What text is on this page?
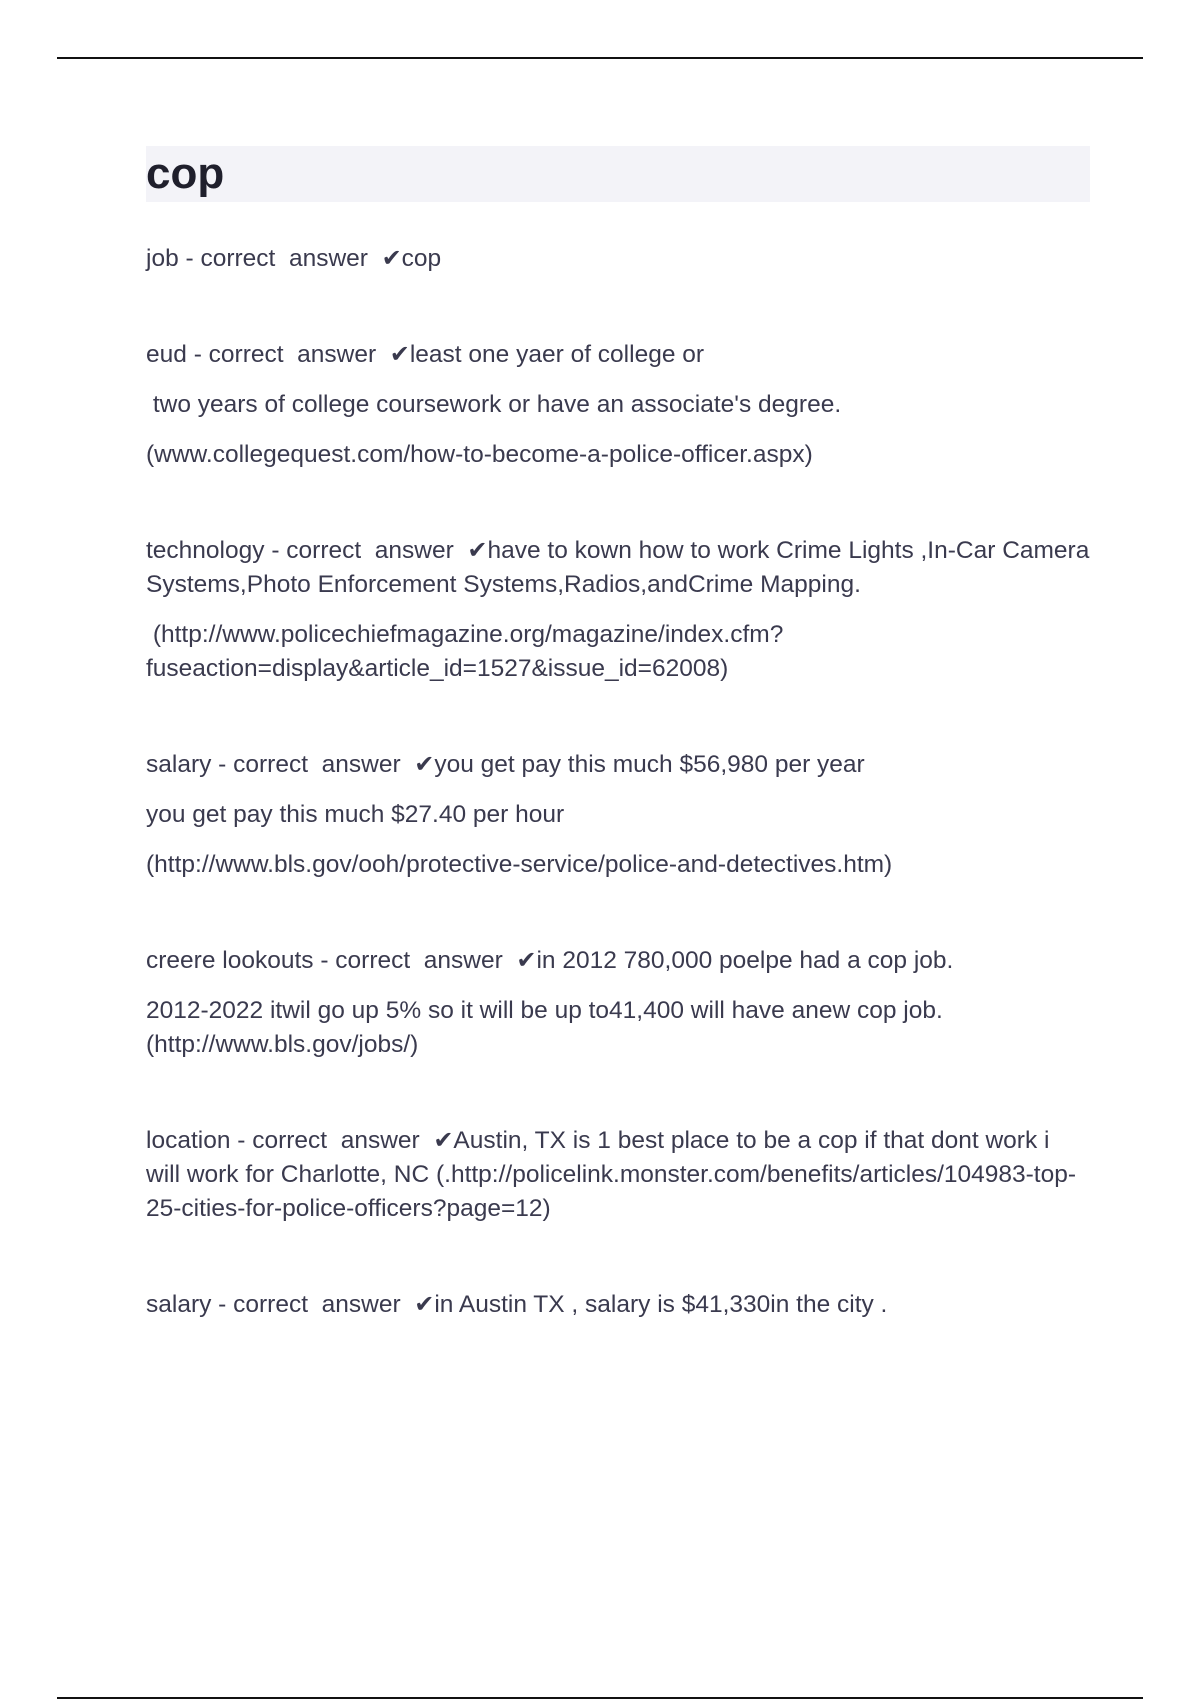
cop

job - correct  answer  ✔cop

eud - correct  answer  ✔least one yaer of college or

two years of college coursework or have an associate's degree.

(www.collegequest.com/how-to-become-a-police-officer.aspx)

technology - correct  answer  ✔have to kown how to work Crime Lights ,In-Car Camera Systems,Photo Enforcement Systems,Radios,andCrime Mapping.

(http://www.policechiefmagazine.org/magazine/index.cfm?fuseaction=display&article_id=1527&issue_id=62008)

salary - correct  answer  ✔you get pay this much $56,980 per year

you get pay this much $27.40 per hour

(http://www.bls.gov/ooh/protective-service/police-and-detectives.htm)

creere lookouts - correct  answer  ✔in 2012 780,000 poelpe had a cop job.

2012-2022 itwil go up 5% so it will be up to41,400 will have anew cop job. (http://www.bls.gov/jobs/)

location - correct  answer  ✔Austin, TX is 1 best place to be a cop if that dont work i will work for Charlotte, NC (.http://policelink.monster.com/benefits/articles/104983-top-25-cities-for-police-officers?page=12)

salary - correct  answer  ✔in Austin TX , salary is $41,330in the city .
